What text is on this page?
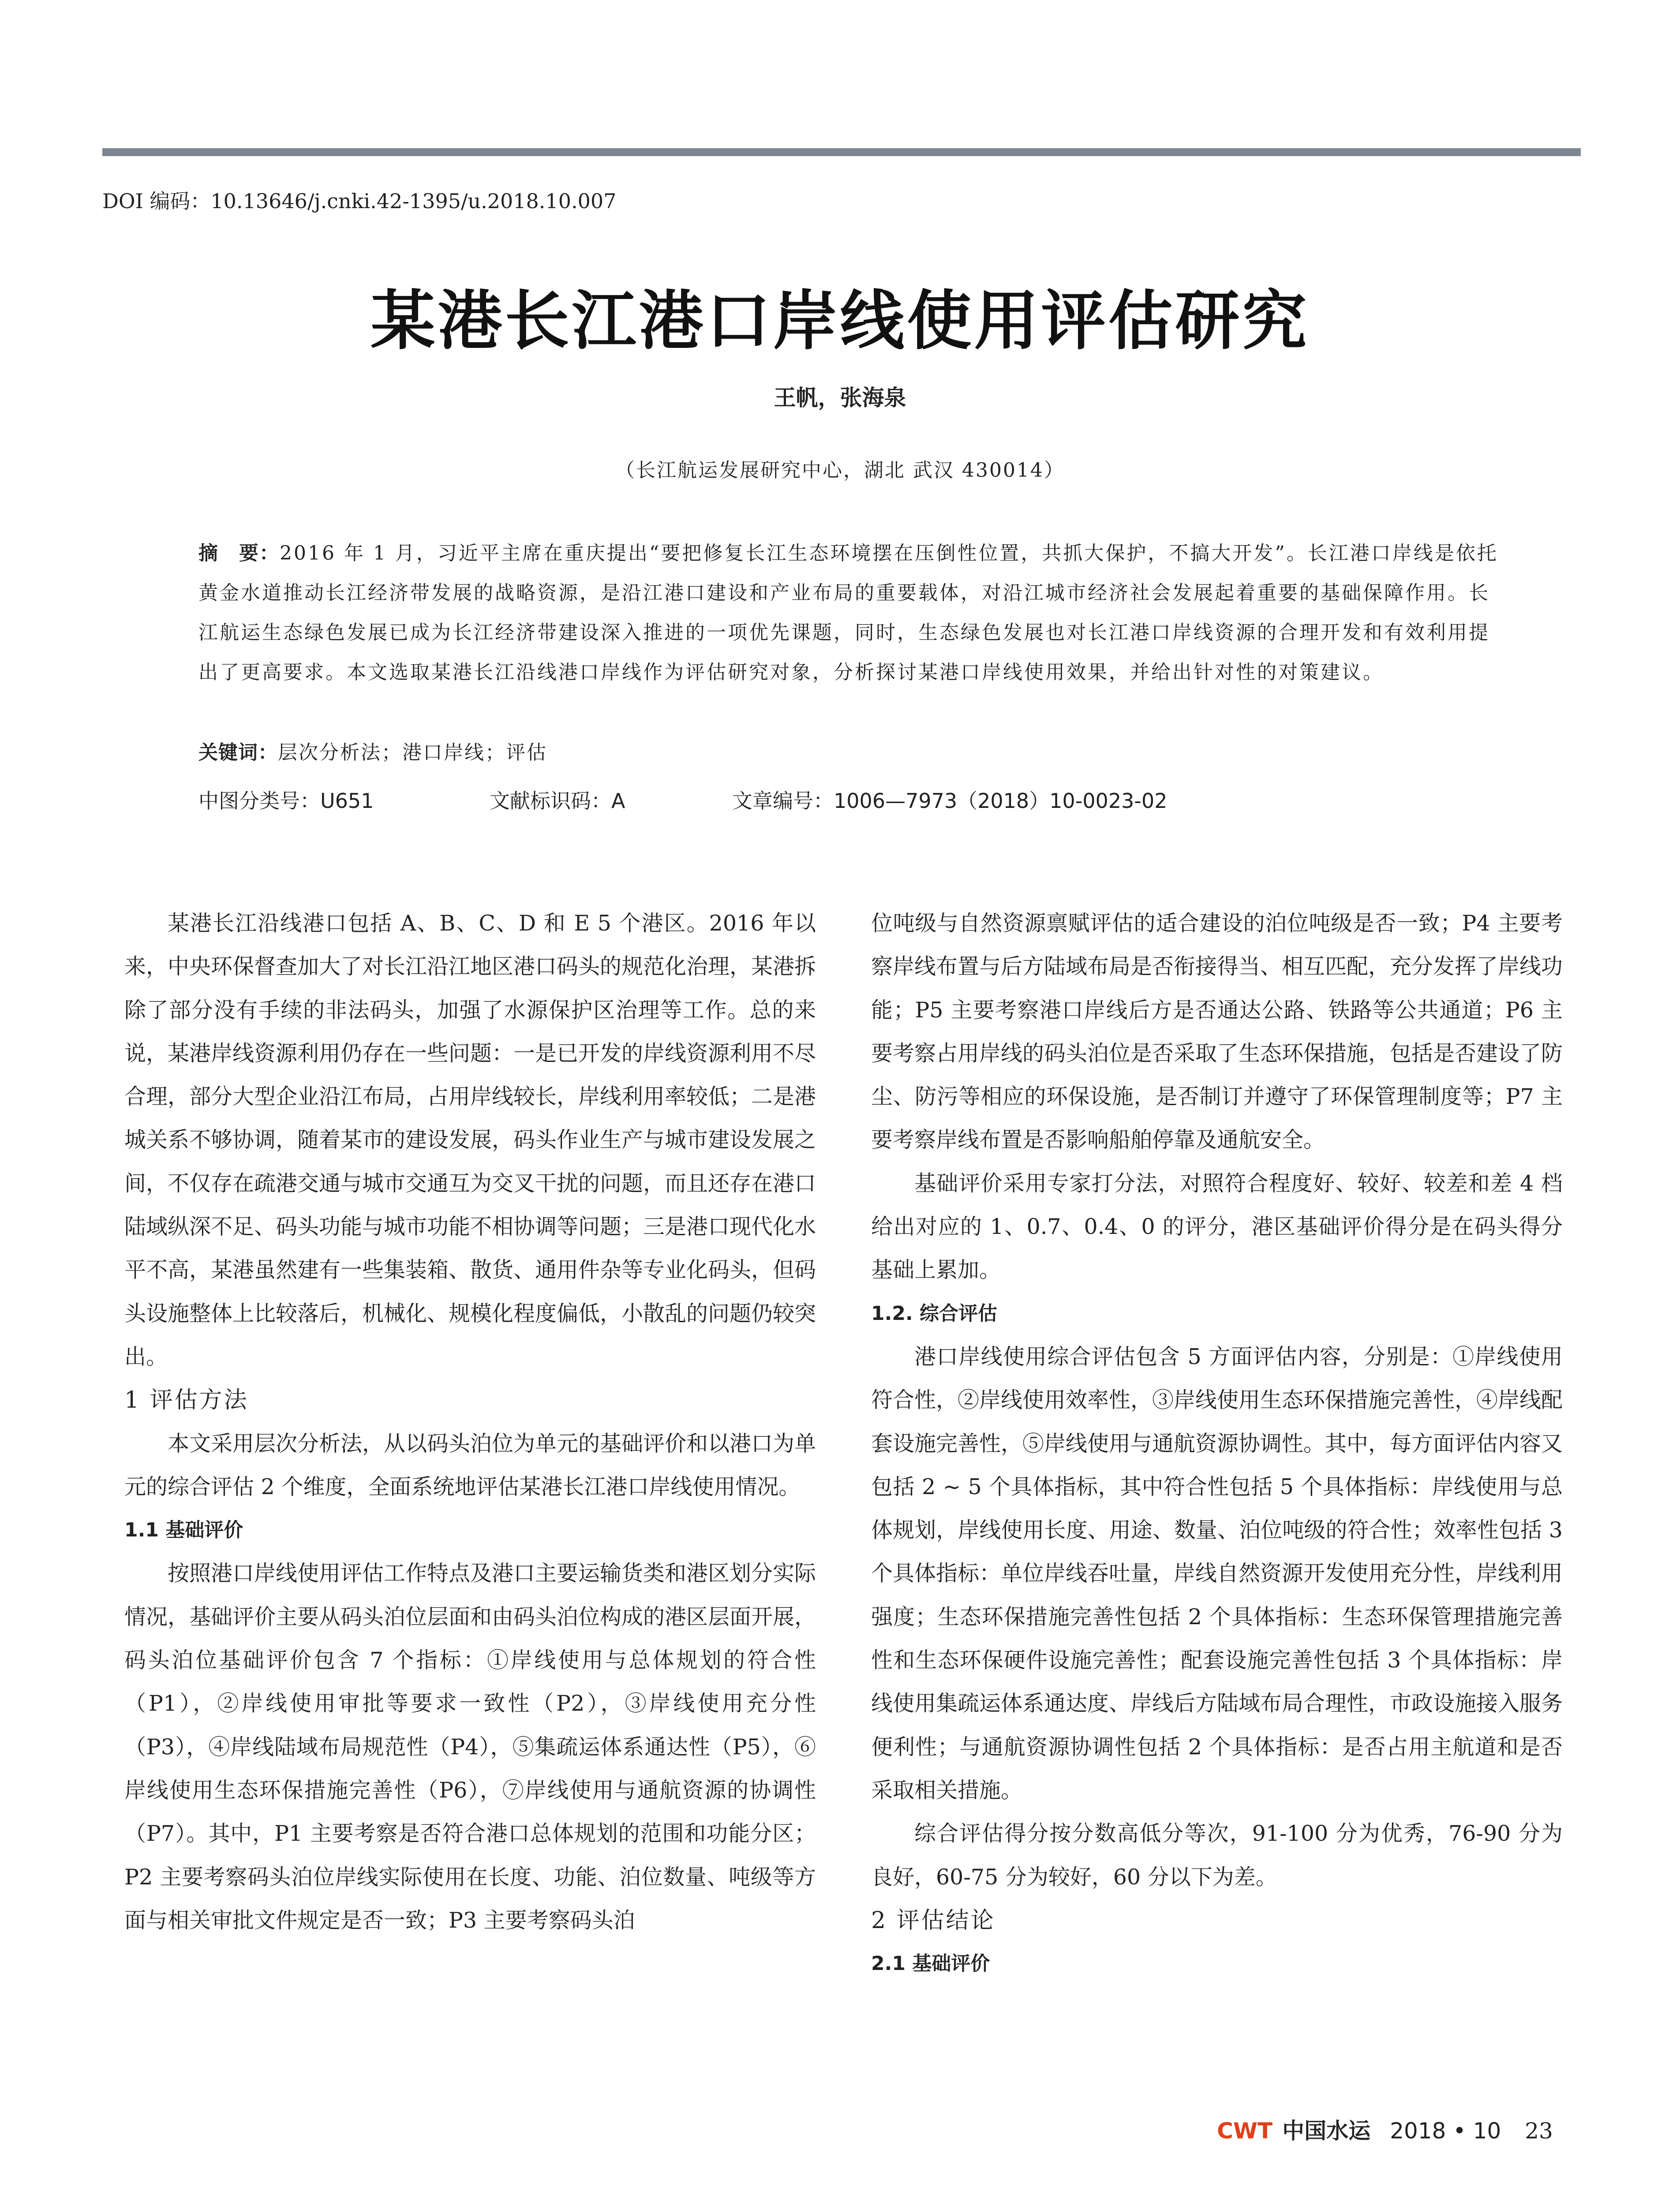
DOI 编码：10.13646/j.cnki.42-1395/u.2018.10.007
某港长江港口岸线使用评估研究
王帆，张海泉
（长江航运发展研究中心，湖北 武汉 430014）
摘　要：2016 年 1 月，习近平主席在重庆提出“要把修复长江生态环境摆在压倒性位置，共抓大保护，不搞大开发”。长江港口岸线是依托黄金水道推动长江经济带发展的战略资源，是沿江港口建设和产业布局的重要载体，对沿江城市经济社会发展起着重要的基础保障作用。长江航运生态绿色发展已成为长江经济带建设深入推进的一项优先课题，同时，生态绿色发展也对长江港口岸线资源的合理开发和有效利用提出了更高要求。本文选取某港长江沿线港口岸线作为评估研究对象，分析探讨某港口岸线使用效果，并给出针对性的对策建议。
关键词：层次分析法；港口岸线；评估
中图分类号：U651	文献标识码：A	文章编号：1006—7973（2018）10-0023-02

某港长江沿线港口包括 A、B、C、D 和 E 5 个港区。2016 年以来，中央环保督查加大了对长江沿江地区港口码头的规范化治理，某港拆除了部分没有手续的非法码头，加强了水源保护区治理等工作。总的来说，某港岸线资源利用仍存在一些问题：一是已开发的岸线资源利用不尽合理，部分大型企业沿江布局，占用岸线较长，岸线利用率较低；二是港城关系不够协调，随着某市的建设发展，码头作业生产与城市建设发展之间，不仅存在疏港交通与城市交通互为交叉干扰的问题，而且还存在港口陆域纵深不足、码头功能与城市功能不相协调等问题；三是港口现代化水平不高，某港虽然建有一些集装箱、散货、通用件杂等专业化码头，但码头设施整体上比较落后，机械化、规模化程度偏低，小散乱的问题仍较突出。

1 评估方法

本文采用层次分析法，从以码头泊位为单元的基础评价和以港口为单元的综合评估 2 个维度，全面系统地评估某港长江港口岸线使用情况。

1.1 基础评价

按照港口岸线使用评估工作特点及港口主要运输货类和港区划分实际情况，基础评价主要从码头泊位层面和由码头泊位构成的港区层面开展，码头泊位基础评价包含 7 个指标：①岸线使用与总体规划的符合性（P1），②岸线使用审批等要求一致性（P2），③岸线使用充分性（P3），④岸线陆域布局规范性（P4），⑤集疏运体系通达性（P5），⑥岸线使用生态环保措施完善性（P6），⑦岸线使用与通航资源的协调性（P7）。其中，P1 主要考察是否符合港口总体规划的范围和功能分区；P2 主要考察码头泊位岸线实际使用在长度、功能、泊位数量、吨级等方面与相关审批文件规定是否一致；P3 主要考察码头泊

位吨级与自然资源禀赋评估的适合建设的泊位吨级是否一致；P4 主要考察岸线布置与后方陆域布局是否衔接得当、相互匹配，充分发挥了岸线功能；P5 主要考察港口岸线后方是否通达公路、铁路等公共通道；P6 主要考察占用岸线的码头泊位是否采取了生态环保措施，包括是否建设了防尘、防污等相应的环保设施，是否制订并遵守了环保管理制度等；P7 主要考察岸线布置是否影响船舶停靠及通航安全。

基础评价采用专家打分法，对照符合程度好、较好、较差和差 4 档给出对应的 1、0.7、0.4、0 的评分，港区基础评价得分是在码头得分基础上累加。

1.2. 综合评估

港口岸线使用综合评估包含 5 方面评估内容，分别是：①岸线使用符合性，②岸线使用效率性，③岸线使用生态环保措施完善性，④岸线配套设施完善性，⑤岸线使用与通航资源协调性。其中，每方面评估内容又包括 2 ~ 5 个具体指标，其中符合性包括 5 个具体指标：岸线使用与总体规划，岸线使用长度、用途、数量、泊位吨级的符合性；效率性包括 3 个具体指标：单位岸线吞吐量，岸线自然资源开发使用充分性，岸线利用强度；生态环保措施完善性包括 2 个具体指标：生态环保管理措施完善性和生态环保硬件设施完善性；配套设施完善性包括 3 个具体指标：岸线使用集疏运体系通达度、岸线后方陆域布局合理性，市政设施接入服务便利性；与通航资源协调性包括 2 个具体指标：是否占用主航道和是否采取相关措施。

综合评估得分按分数高低分等次，91-100 分为优秀，76-90 分为良好，60-75 分为较好，60 分以下为差。

2 评估结论

2.1 基础评价

CWT 中国水运 2018 • 10 23
